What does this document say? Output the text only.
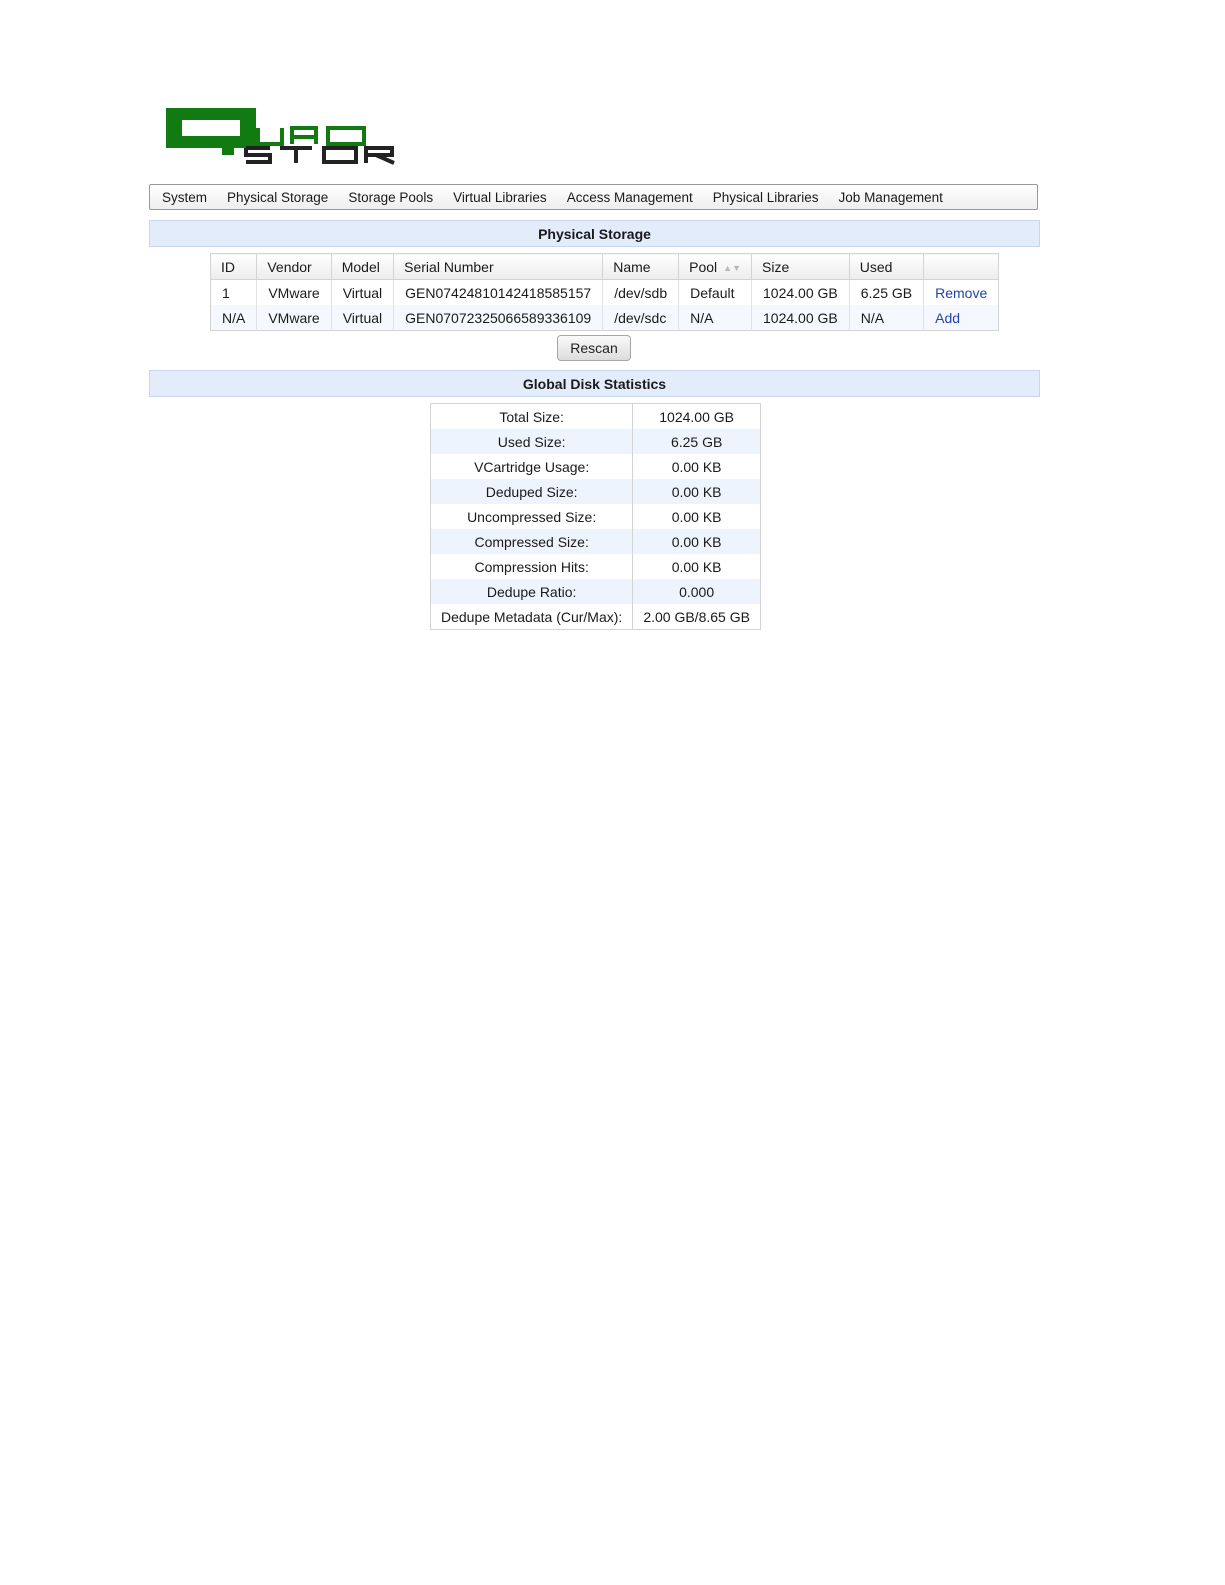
System	Physical Storage	Storage Pools	Virtual Libraries	Access Management	Physical Libraries	Job Management
Physical Storage
ID	Vendor	Model	Serial Number	Name	Pool ▲▼	Size	Used	
1	VMware	Virtual	GEN07424810142418585157	/dev/sdb	Default	1024.00 GB	6.25 GB	Remove
N/A	VMware	Virtual	GEN07072325066589336109	/dev/sdc	N/A	1024.00 GB	N/A	Add
Rescan
Global Disk Statistics
Total Size:	1024.00 GB
Used Size:	6.25 GB
VCartridge Usage:	0.00 KB
Deduped Size:	0.00 KB
Uncompressed Size:	0.00 KB
Compressed Size:	0.00 KB
Compression Hits:	0.00 KB
Dedupe Ratio:	0.000
Dedupe Metadata (Cur/Max):	2.00 GB/8.65 GB
